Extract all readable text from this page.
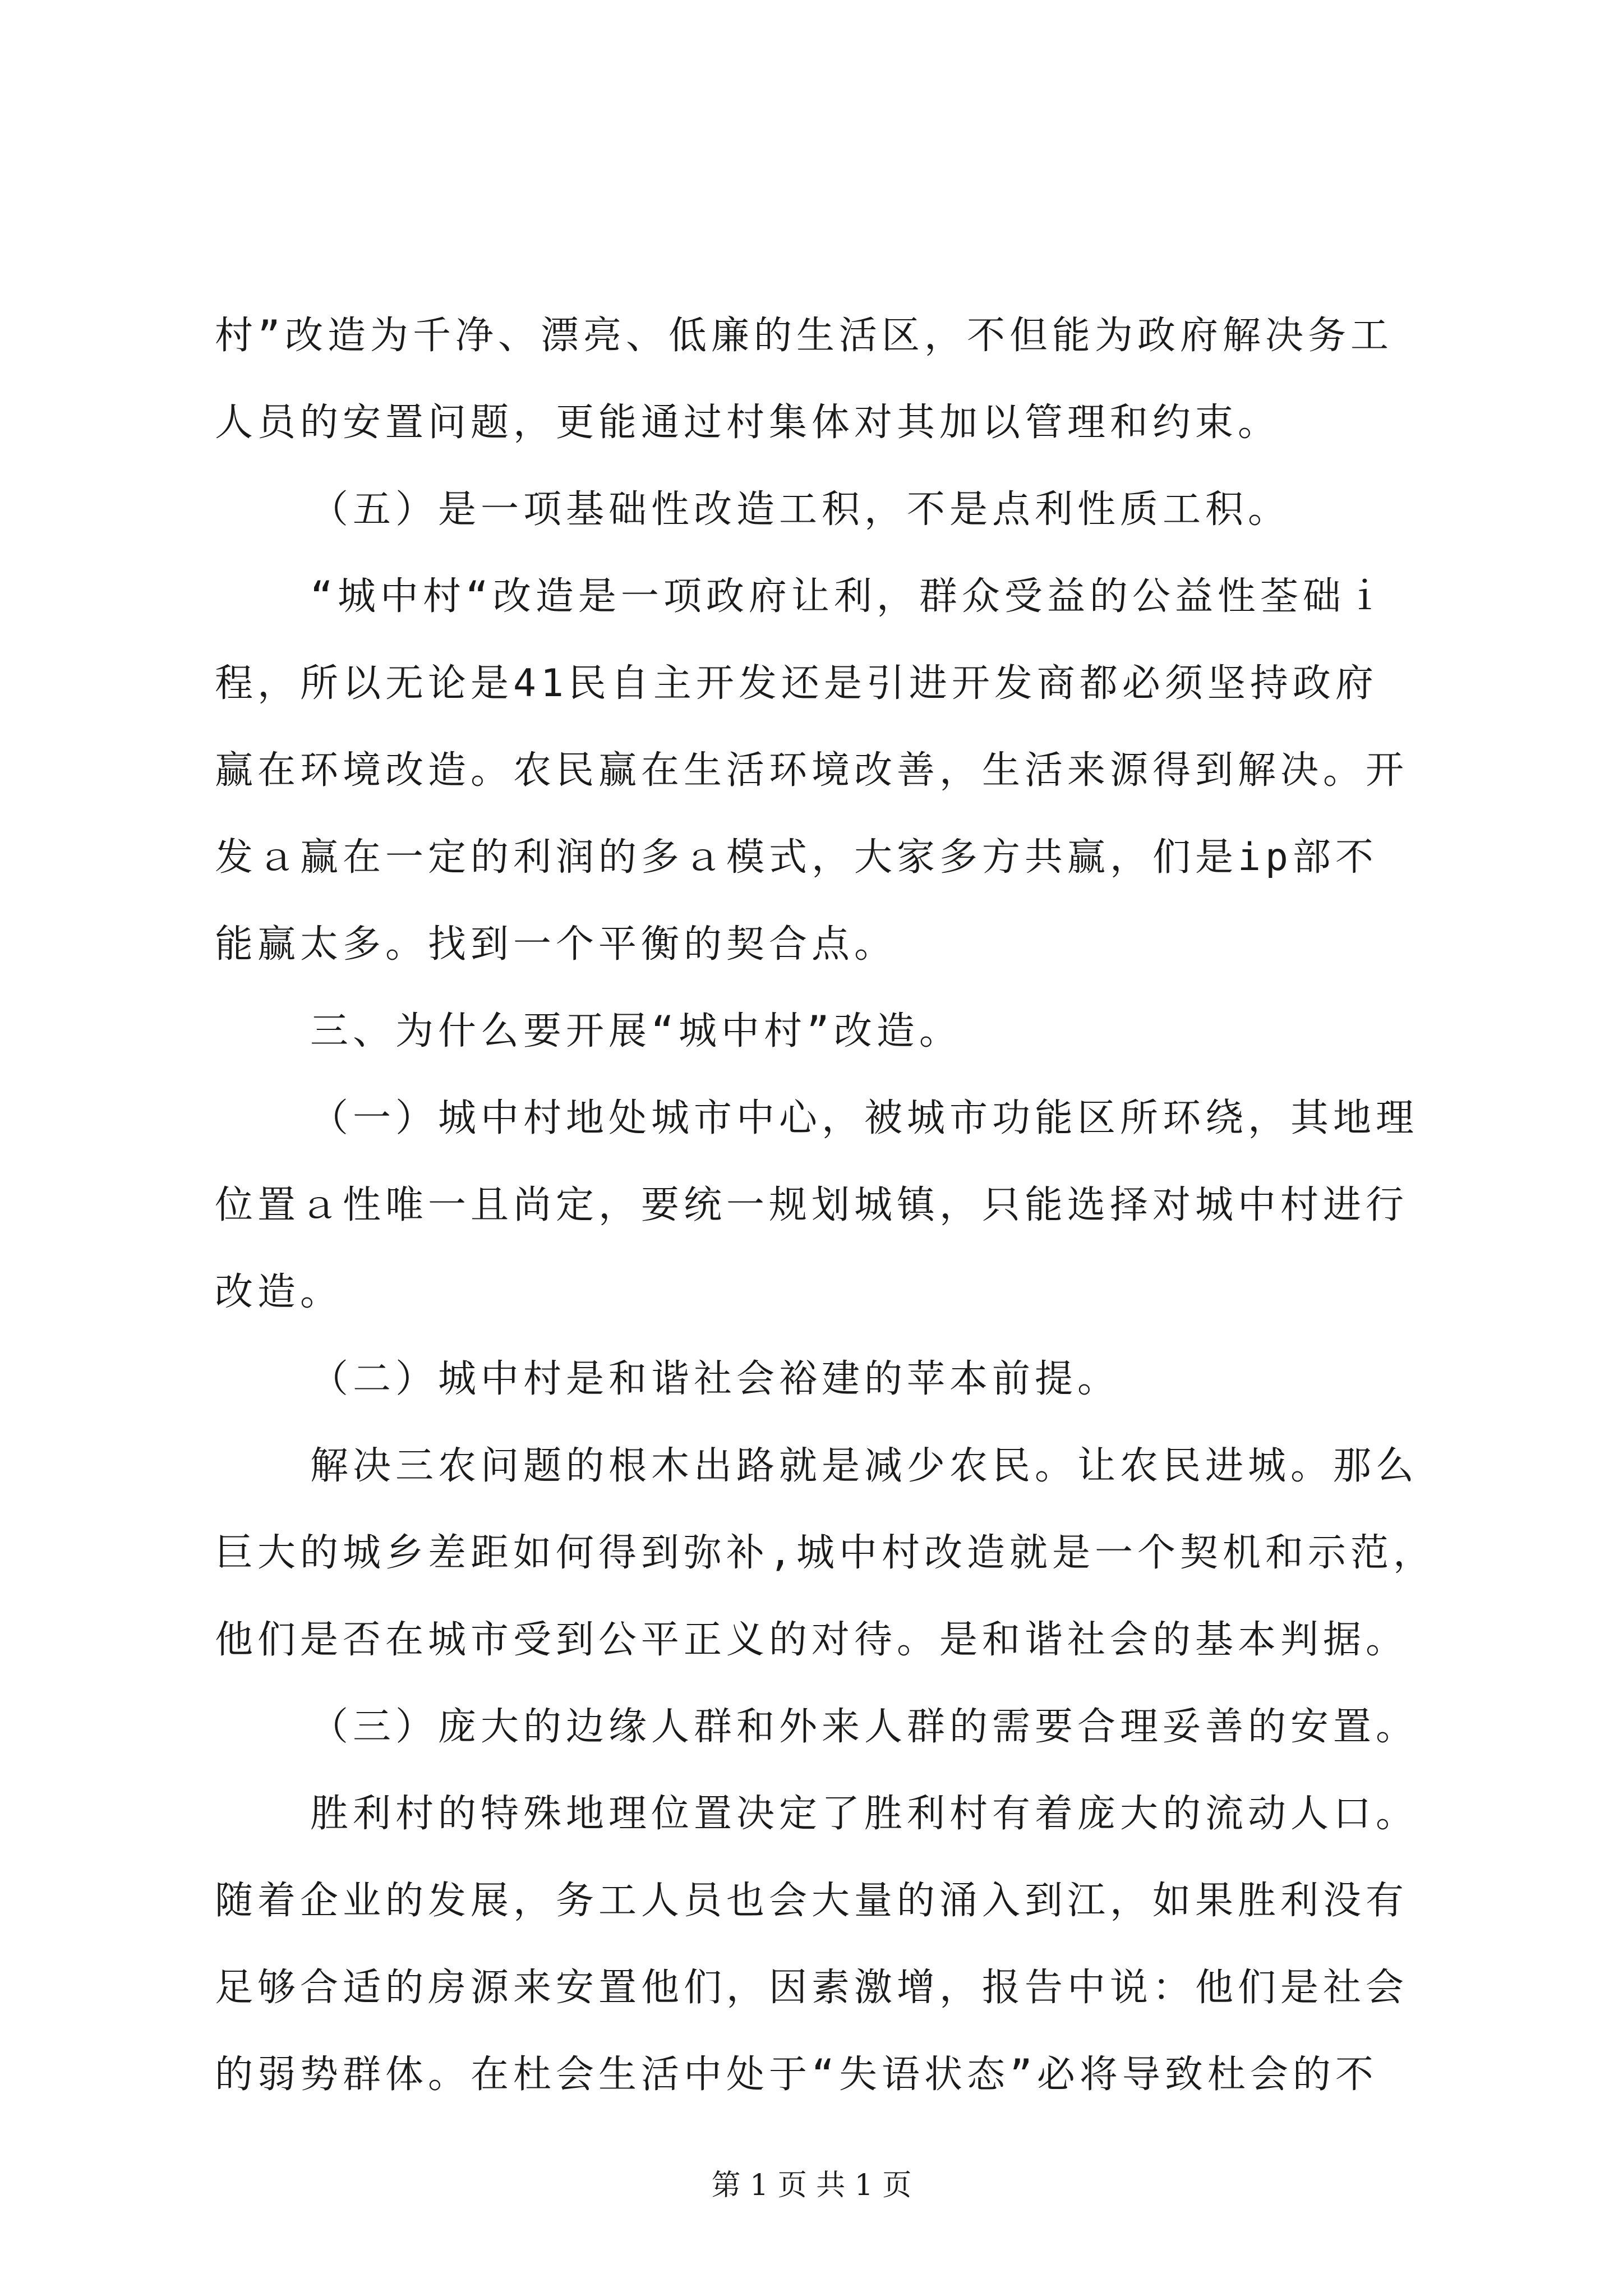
村”改造为千净、漂亮、低廉的生活区，不但能为政府解决务工
人员的安置问题，更能通过村集体对其加以管理和约束。
（五）是一项基础性改造工积，不是点利性质工积。
“城中村“改造是一项政府让利，群众受益的公益性荃础ｉ
程，所以无论是41民自主开发还是引进开发商都必须坚持政府
赢在环境改造。农民赢在生活环境改善，生活来源得到解决。开
发ａ赢在一定的利润的多ａ模式，大家多方共赢，们是ip部不
能赢太多。找到一个平衡的契合点。
三、为什么要开展“城中村”改造。
（一）城中村地处城市中心，被城市功能区所环绕，其地理
位置ａ性唯一且尚定，要统一规划城镇，只能选择对城中村进行
改造。
（二）城中村是和谐社会裕建的苹本前提。
解决三农问题的根木出路就是减少农民。让农民进城。那么
巨大的城乡差距如何得到弥补,城中村改造就是一个契机和示范，
他们是否在城市受到公平正义的对待。是和谐社会的基本判据。
（三）庞大的边缘人群和外来人群的需要合理妥善的安置。
胜利村的特殊地理位置决定了胜利村有着庞大的流动人口。
随着企业的发展，务工人员也会大量的涌入到江，如果胜利没有
足够合适的房源来安置他们，因素激增，报告中说：他们是社会
的弱势群体。在杜会生活中处于“失语状态”必将导致杜会的不
第 1 页 共 1 页
